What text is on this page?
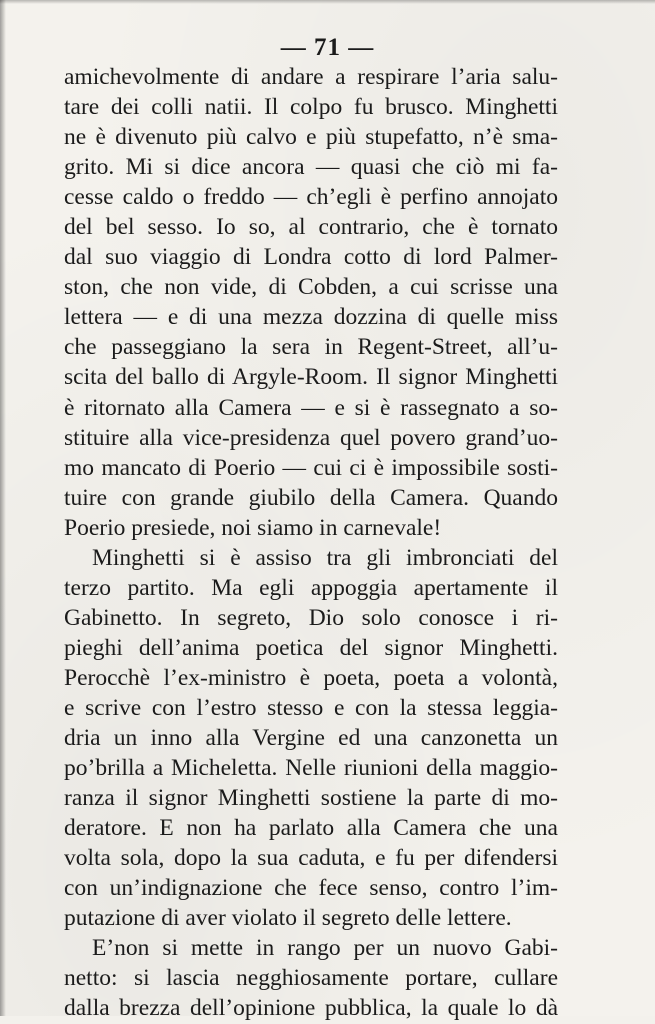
— 71 —
amichevolmente di andare a respirare l’aria salu-
tare dei colli natii. Il colpo fu brusco. Minghetti
ne è divenuto più calvo e più stupefatto, n’è sma-
grito. Mi si dice ancora — quasi che ciò mi fa-
cesse caldo o freddo — ch’egli è perfino annojato
del bel sesso. Io so, al contrario, che è tornato
dal suo viaggio di Londra cotto di lord Palmer-
ston, che non vide, di Cobden, a cui scrisse una
lettera — e di una mezza dozzina di quelle miss
che passeggiano la sera in Regent-Street, all’u-
scita del ballo di Argyle-Room. Il signor Minghetti
è ritornato alla Camera — e si è rassegnato a so-
stituire alla vice-presidenza quel povero grand’uo-
mo mancato di Poerio — cui ci è impossibile sosti-
tuire con grande giubilo della Camera. Quando
Poerio presiede, noi siamo in carnevale!
Minghetti si è assiso tra gli imbronciati del
terzo partito. Ma egli appoggia apertamente il
Gabinetto. In segreto, Dio solo conosce i ri-
pieghi dell’anima poetica del signor Minghetti.
Perocchè l’ex-ministro è poeta, poeta a volontà,
e scrive con l’estro stesso e con la stessa leggia-
dria un inno alla Vergine ed una canzonetta un
po’brilla a Micheletta. Nelle riunioni della maggio-
ranza il signor Minghetti sostiene la parte di mo-
deratore. E non ha parlato alla Camera che una
volta sola, dopo la sua caduta, e fu per difendersi
con un’indignazione che fece senso, contro l’im-
putazione di aver violato il segreto delle lettere.
E’non si mette in rango per un nuovo Gabi-
netto: si lascia negghiosamente portare, cullare
dalla brezza dell’opinione pubblica, la quale lo dà
